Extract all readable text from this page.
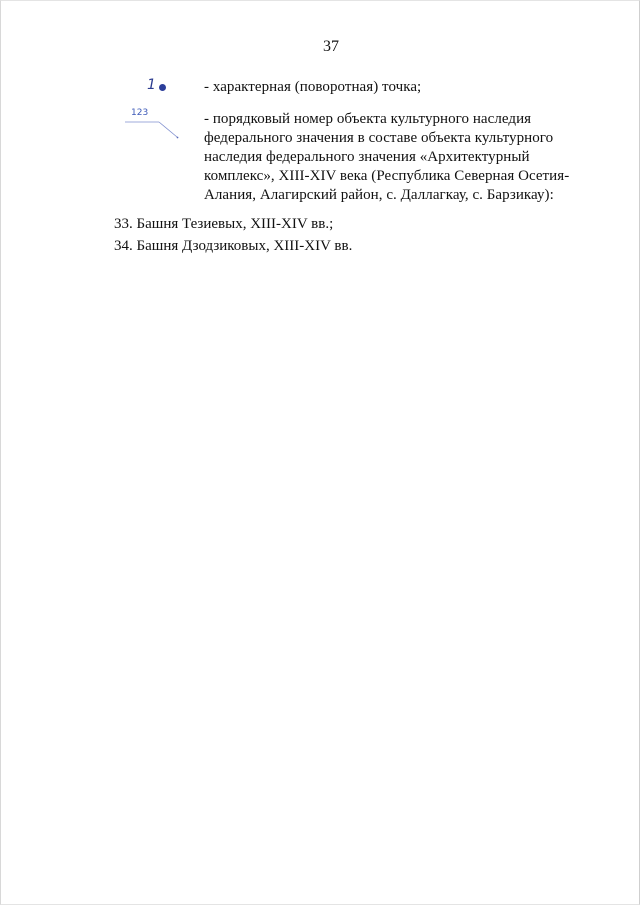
37
1	- характерная (поворотная) точка;
123	- порядковый номер объекта культурного наследия федерального значения в составе объекта культурного наследия федерального значения «Архитектурный комплекс», XIII-XIV века (Республика Северная Осетия-Алания, Алагирский район, с. Даллагкау, с. Барзикау):
33. Башня Тезиевых, XIII-XIV вв.;
34. Башня Дзодзиковых, XIII-XIV вв.
